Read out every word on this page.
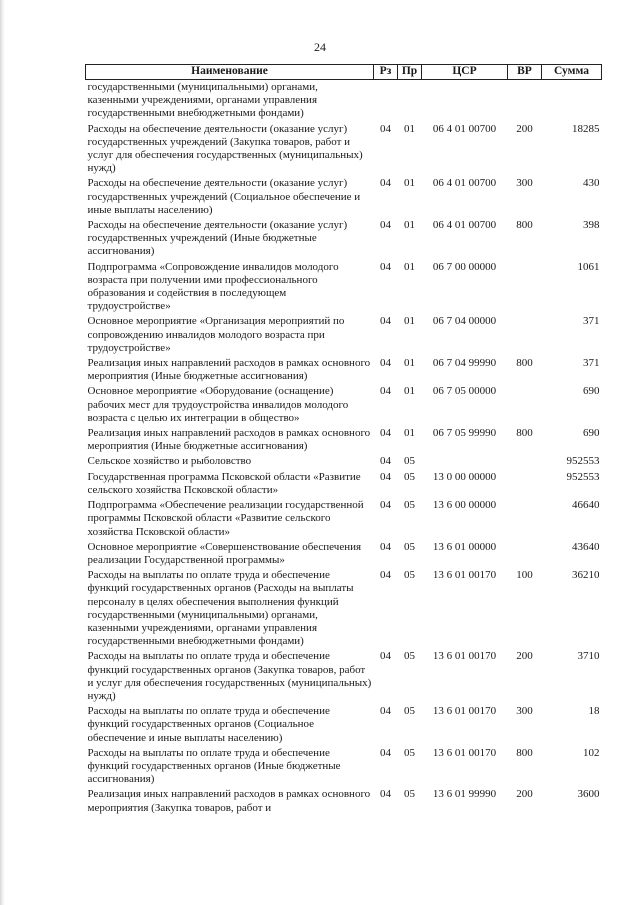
24
Наименование	Рз	Пр	ЦСР	ВР	Сумма
государственными (муниципальными) органами, казенными учреждениями, органами управления государственными внебюджетными фондами)					
Расходы на обеспечение деятельности (оказание услуг) государственных учреждений (Закупка товаров, работ и услуг для обеспечения государственных (муниципальных) нужд)	04	01	06 4 01 00700	200	18285
Расходы на обеспечение деятельности (оказание услуг) государственных учреждений (Социальное обеспечение и иные выплаты населению)	04	01	06 4 01 00700	300	430
Расходы на обеспечение деятельности (оказание услуг) государственных учреждений (Иные бюджетные ассигнования)	04	01	06 4 01 00700	800	398
Подпрограмма «Сопровождение инвалидов молодого возраста при получении ими профессионального образования и содействия в последующем трудоустройстве»	04	01	06 7 00 00000		1061
Основное мероприятие «Организация мероприятий по сопровождению инвалидов молодого возраста при трудоустройстве»	04	01	06 7 04 00000		371
Реализация иных направлений расходов в рамках основного мероприятия (Иные бюджетные ассигнования)	04	01	06 7 04 99990	800	371
Основное мероприятие «Оборудование (оснащение) рабочих мест для трудоустройства инвалидов молодого возраста с целью их интеграции в общество»	04	01	06 7 05 00000		690
Реализация иных направлений расходов в рамках основного мероприятия (Иные бюджетные ассигнования)	04	01	06 7 05 99990	800	690
Сельское хозяйство и рыболовство	04	05			952553
Государственная программа Псковской области «Развитие сельского хозяйства Псковской области»	04	05	13 0 00 00000		952553
Подпрограмма «Обеспечение реализации государственной программы Псковской области «Развитие сельского хозяйства Псковской области»	04	05	13 6 00 00000		46640
Основное мероприятие «Совершенствование обеспечения реализации Государственной программы»	04	05	13 6 01 00000		43640
Расходы на выплаты по оплате труда и обеспечение функций государственных органов (Расходы на выплаты персоналу в целях обеспечения выполнения функций государственными (муниципальными) органами, казенными учреждениями, органами управления государственными внебюджетными фондами)	04	05	13 6 01 00170	100	36210
Расходы на выплаты по оплате труда и обеспечение функций государственных органов (Закупка товаров, работ и услуг для обеспечения государственных (муниципальных) нужд)	04	05	13 6 01 00170	200	3710
Расходы на выплаты по оплате труда и обеспечение функций государственных органов (Социальное обеспечение и иные выплаты населению)	04	05	13 6 01 00170	300	18
Расходы на выплаты по оплате труда и обеспечение функций государственных органов (Иные бюджетные ассигнования)	04	05	13 6 01 00170	800	102
Реализация иных направлений расходов в рамках основного мероприятия (Закупка товаров, работ и	04	05	13 6 01 99990	200	3600
